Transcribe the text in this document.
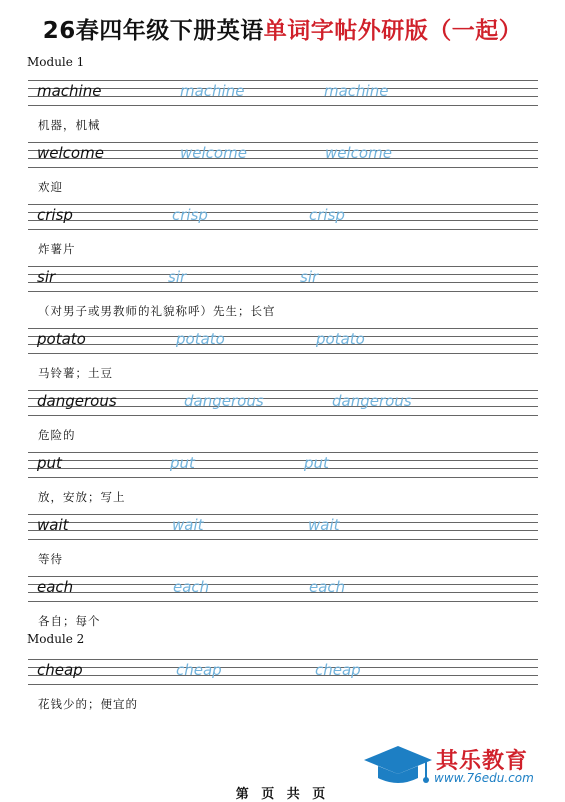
26春四年级下册英语单词字帖外研版（一起）
Module 1
machine	machine	machine
机器，机械
welcome	welcome	welcome
欢迎
crisp	crisp	crisp
炸薯片
sir	sir	sir
（对男子或男教师的礼貌称呼）先生；长官
potato	potato	potato
马铃薯；土豆
dangerous	dangerous	dangerous
危险的
put	put	put
放，安放；写上
wait	wait	wait
等待
each	each	each
各自；每个
Module 2
cheap	cheap	cheap
花钱少的；便宜的
其乐教育
www.76edu.com
第 页 共 页
